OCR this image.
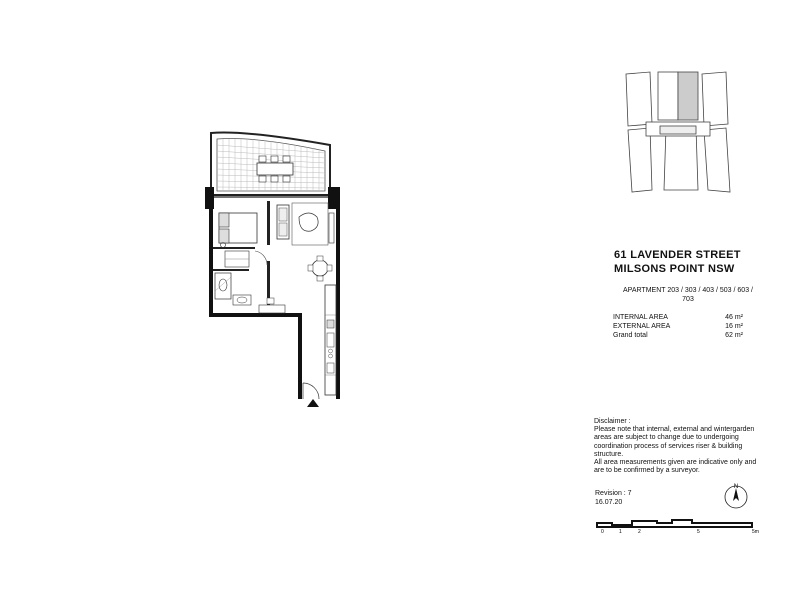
61 LAVENDER STREET
MILSONS POINT NSW
APARTMENT 203 / 303 / 403 / 503 / 603 /
703
INTERNAL AREA	46 m²
EXTERNAL AREA	16 m²
Grand total	62 m²
Disclaimer :
Please note that internal, external and wintergarden
areas are subject to change due to undergoing
coordination process of services riser & building
structure.
All area measurements given are indicative only and
are to be confirmed by a surveyor.
Revision : 7
16.07.20
N
0	1	2	5	5m
